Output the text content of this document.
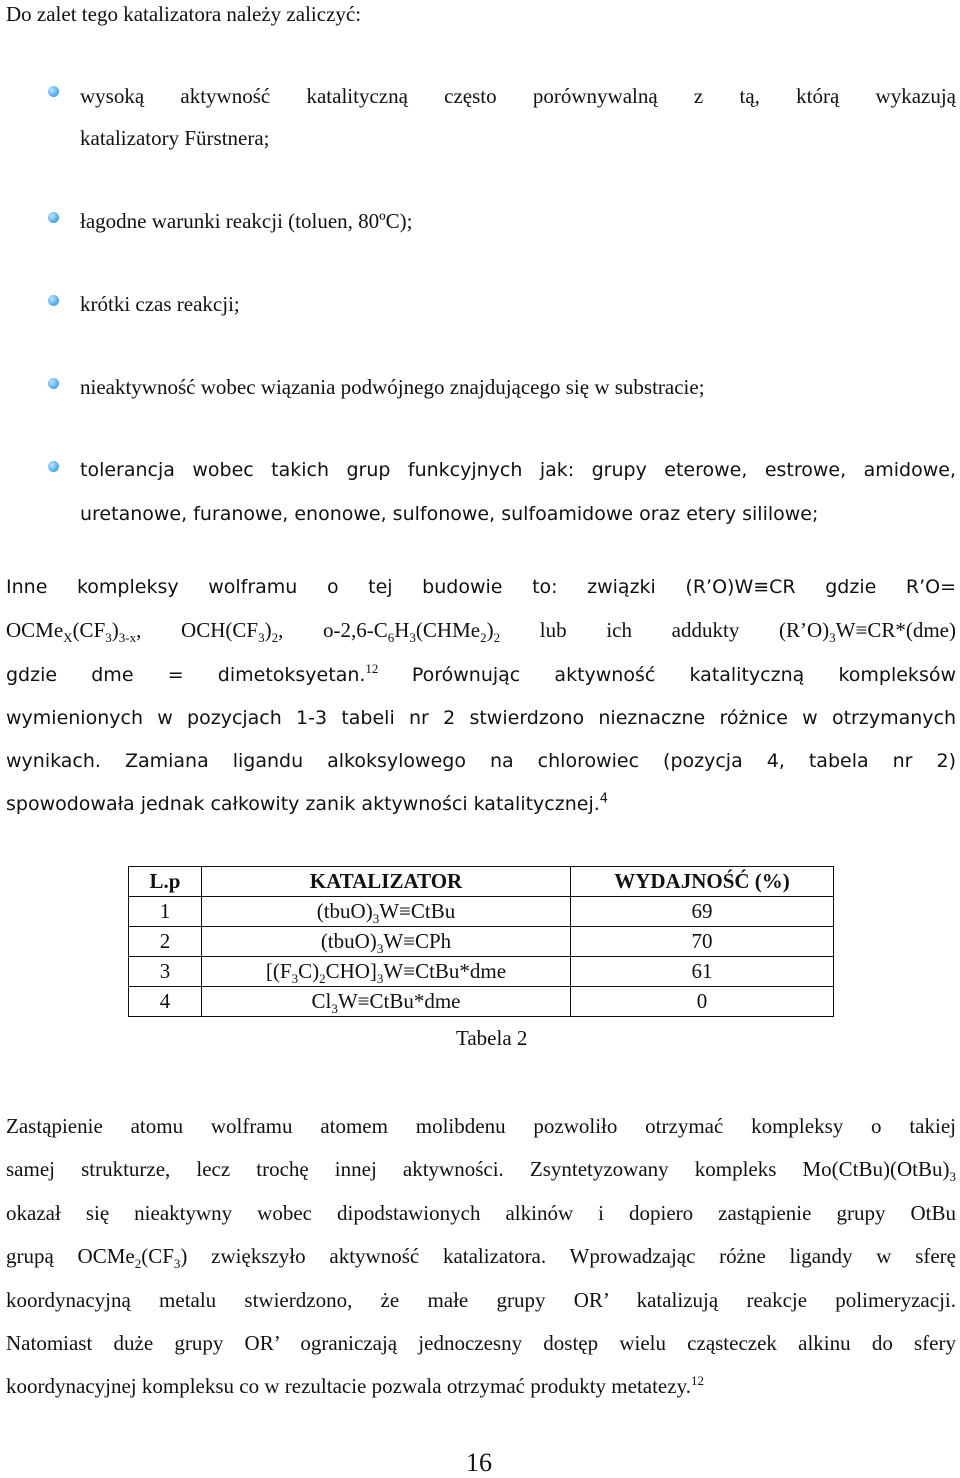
Do zalet tego katalizatora należy zaliczyć:
wysoką aktywność katalityczną często porównywalną z tą, którą wykazują
katalizatory Fürstnera;
łagodne warunki reakcji (toluen, 80ºC);
krótki czas reakcji;
nieaktywność wobec wiązania podwójnego znajdującego się w substracie;
tolerancja wobec takich grup funkcyjnych jak: grupy eterowe, estrowe, amidowe,
uretanowe, furanowe, enonowe, sulfonowe, sulfoamidowe oraz etery sililowe;
Inne kompleksy wolframu o tej budowie to: związki (R’O)W≡CR gdzie R’O=
$OCMe_X(CF_3)_{3-x}$, $OCH(CF_3)_2$, $o-2,6-C_6H_3(CHMe_2)_2$ lub ich addukty $(R’O)_3W\equiv CR*(dme)$
gdzie dme = dimetoksyetan.$^{12}$ Porównując aktywność katalityczną kompleksów
wymienionych w pozycjach 1-3 tabeli nr 2 stwierdzono nieznaczne różnice w otrzymanych
wynikach. Zamiana ligandu alkoksylowego na chlorowiec (pozycja 4, tabela nr 2)
spowodowała jednak całkowity zanik aktywności katalitycznej.$^4$
L.p	KATALIZATOR	WYDAJNOŚĆ (%)
1	$(tbuO)_3W\equiv CtBu$	69
2	$(tbuO)_3W\equiv CPh$	70
3	$[(F_3C)_2CHO]_3W\equiv CtBu*dme$	61
4	$Cl_3W\equiv CtBu*dme$	0
Tabela 2
Zastąpienie atomu wolframu atomem molibdenu pozwoliło otrzymać kompleksy o takiej
samej strukturze, lecz trochę innej aktywności. Zsyntetyzowany kompleks $Mo(CtBu)(OtBu)_3$
okazał się nieaktywny wobec dipodstawionych alkinów i dopiero zastąpienie grupy OtBu
grupą $OCMe_2(CF_3)$ zwiększyło aktywność katalizatora. Wprowadzając różne ligandy w sferę
koordynacyjną metalu stwierdzono, że małe grupy OR’ katalizują reakcje polimeryzacji.
Natomiast duże grupy OR’ ograniczają jednoczesny dostęp wielu cząsteczek alkinu do sfery
koordynacyjnej kompleksu co w rezultacie pozwala otrzymać produkty metatezy.$^{12}$
16
